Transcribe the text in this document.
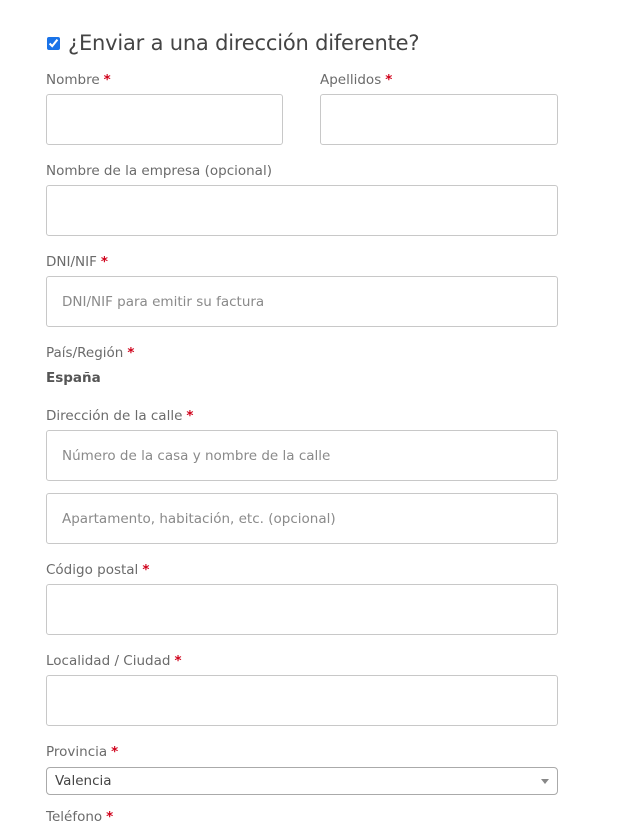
¿Enviar a una dirección diferente?
Nombre *	Apellidos *
Nombre de la empresa (opcional)
DNI/NIF *
DNI/NIF para emitir su factura
País/Región *
España
Dirección de la calle *
Número de la casa y nombre de la calle
Apartamento, habitación, etc. (opcional)
Código postal *
Localidad / Ciudad *
Provincia *
Valencia
Teléfono *
